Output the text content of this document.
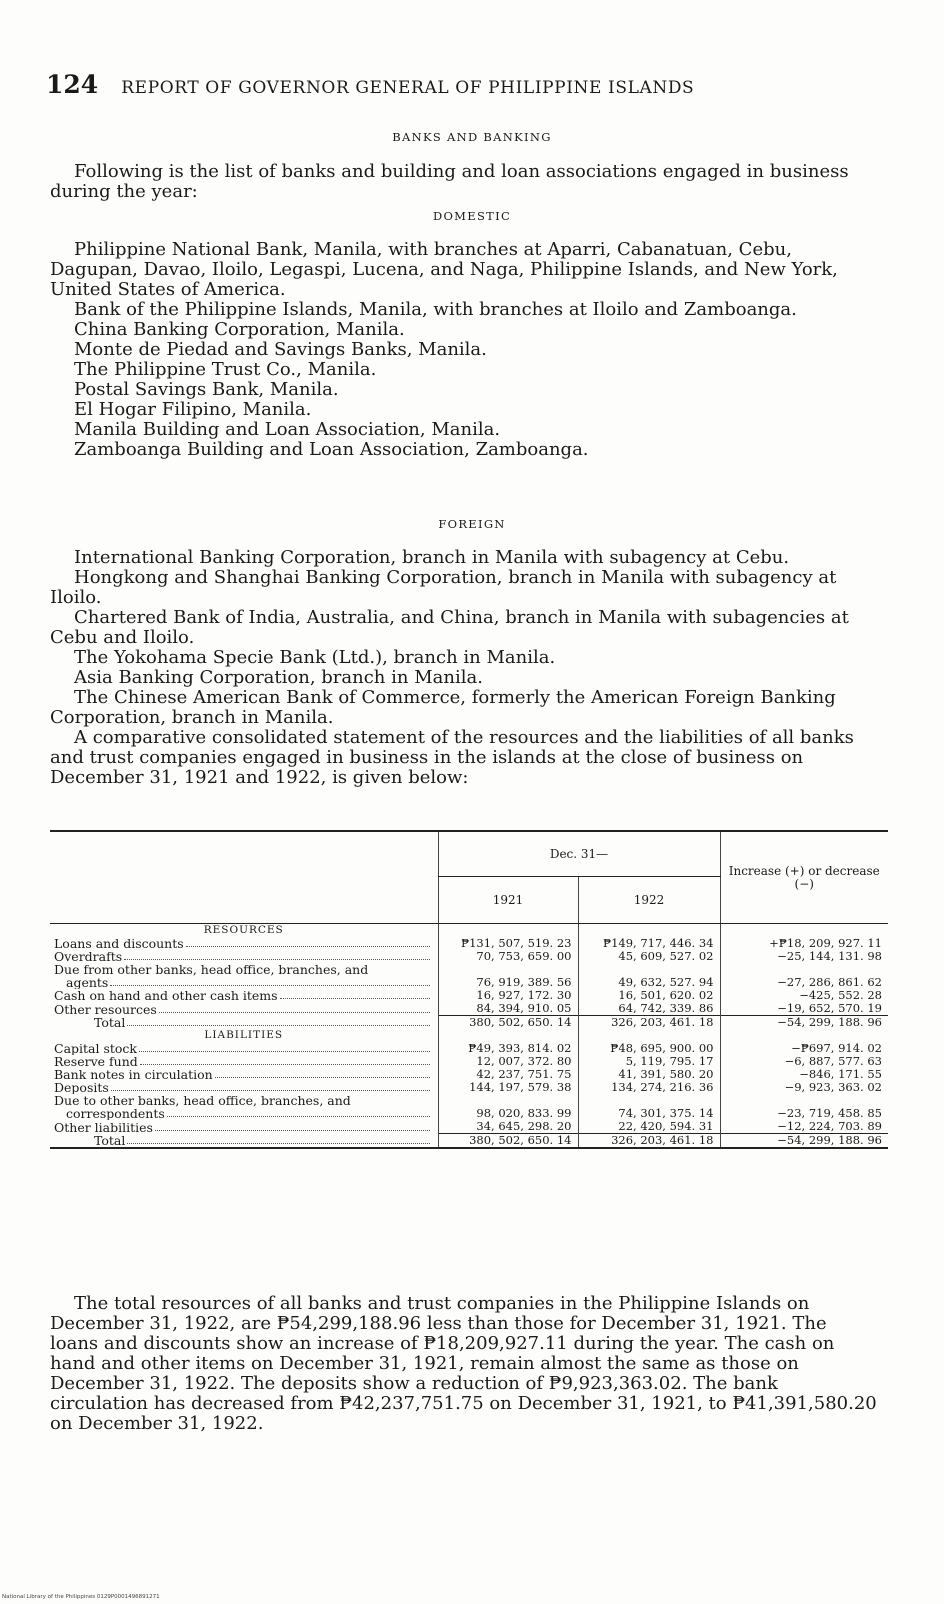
124 REPORT OF GOVERNOR GENERAL OF PHILIPPINE ISLANDS
BANKS AND BANKING

Following is the list of banks and building and loan associations engaged in business during the year:

DOMESTIC

Philippine National Bank, Manila, with branches at Aparri, Cabanatuan, Cebu, Dagupan, Davao, Iloilo, Legaspi, Lucena, and Naga, Philippine Islands, and New York, United States of America.

Bank of the Philippine Islands, Manila, with branches at Iloilo and Zamboanga.

China Banking Corporation, Manila.

Monte de Piedad and Savings Banks, Manila.

The Philippine Trust Co., Manila.

Postal Savings Bank, Manila.

El Hogar Filipino, Manila.

Manila Building and Loan Association, Manila.

Zamboanga Building and Loan Association, Zamboanga.

FOREIGN

International Banking Corporation, branch in Manila with subagency at Cebu.

Hongkong and Shanghai Banking Corporation, branch in Manila with subagency at Iloilo.

Chartered Bank of India, Australia, and China, branch in Manila with subagencies at Cebu and Iloilo.

The Yokohama Specie Bank (Ltd.), branch in Manila.

Asia Banking Corporation, branch in Manila.

The Chinese American Bank of Commerce, formerly the American Foreign Banking Corporation, branch in Manila.

A comparative consolidated statement of the resources and the liabilities of all banks and trust companies engaged in business in the islands at the close of business on December 31, 1921 and 1922, is given below:

	Dec. 31—		Increase (+) or decrease (−)
	1921	1922	
RESOURCES			

Loans and discounts	₱131, 507, 519. 23	₱149, 717, 446. 34	+₱18, 209, 927. 11

Overdrafts	70, 753, 659. 00	45, 609, 527. 02	−25, 144, 131. 98

Due from other banks, head office, branches, and
agents	76, 919, 389. 56	49, 632, 527. 94	−27, 286, 861. 62

Cash on hand and other cash items	16, 927, 172. 30	16, 501, 620. 02	−425, 552. 28

Other resources	84, 394, 910. 05	64, 742, 339. 86	−19, 652, 570. 19

Total	380, 502, 650. 14	326, 203, 461. 18	−54, 299, 188. 96
LIABILITIES			

Capital stock	₱49, 393, 814. 02	₱48, 695, 900. 00	−₱697, 914. 02

Reserve fund	12, 007, 372. 80	5, 119, 795. 17	−6, 887, 577. 63

Bank notes in circulation	42, 237, 751. 75	41, 391, 580. 20	−846, 171. 55

Deposits	144, 197, 579. 38	134, 274, 216. 36	−9, 923, 363. 02

Due to other banks, head office, branches, and
correspondents	98, 020, 833. 99	74, 301, 375. 14	−23, 719, 458. 85

Other liabilities	34, 645, 298. 20	22, 420, 594. 31	−12, 224, 703. 89

Total	380, 502, 650. 14	326, 203, 461. 18	−54, 299, 188. 96

The total resources of all banks and trust companies in the Philippine Islands on December 31, 1922, are ₱54,299,188.96 less than those for December 31, 1921. The loans and discounts show an increase of ₱18,209,927.11 during the year. The cash on hand and other items on December 31, 1921, remain almost the same as those on December 31, 1922. The deposits show a reduction of ₱9,923,363.02. The bank circulation has decreased from ₱42,237,751.75 on December 31, 1921, to ₱41,391,580.20 on December 31, 1922.

National Library of the Philippines 0129P0001496891271
